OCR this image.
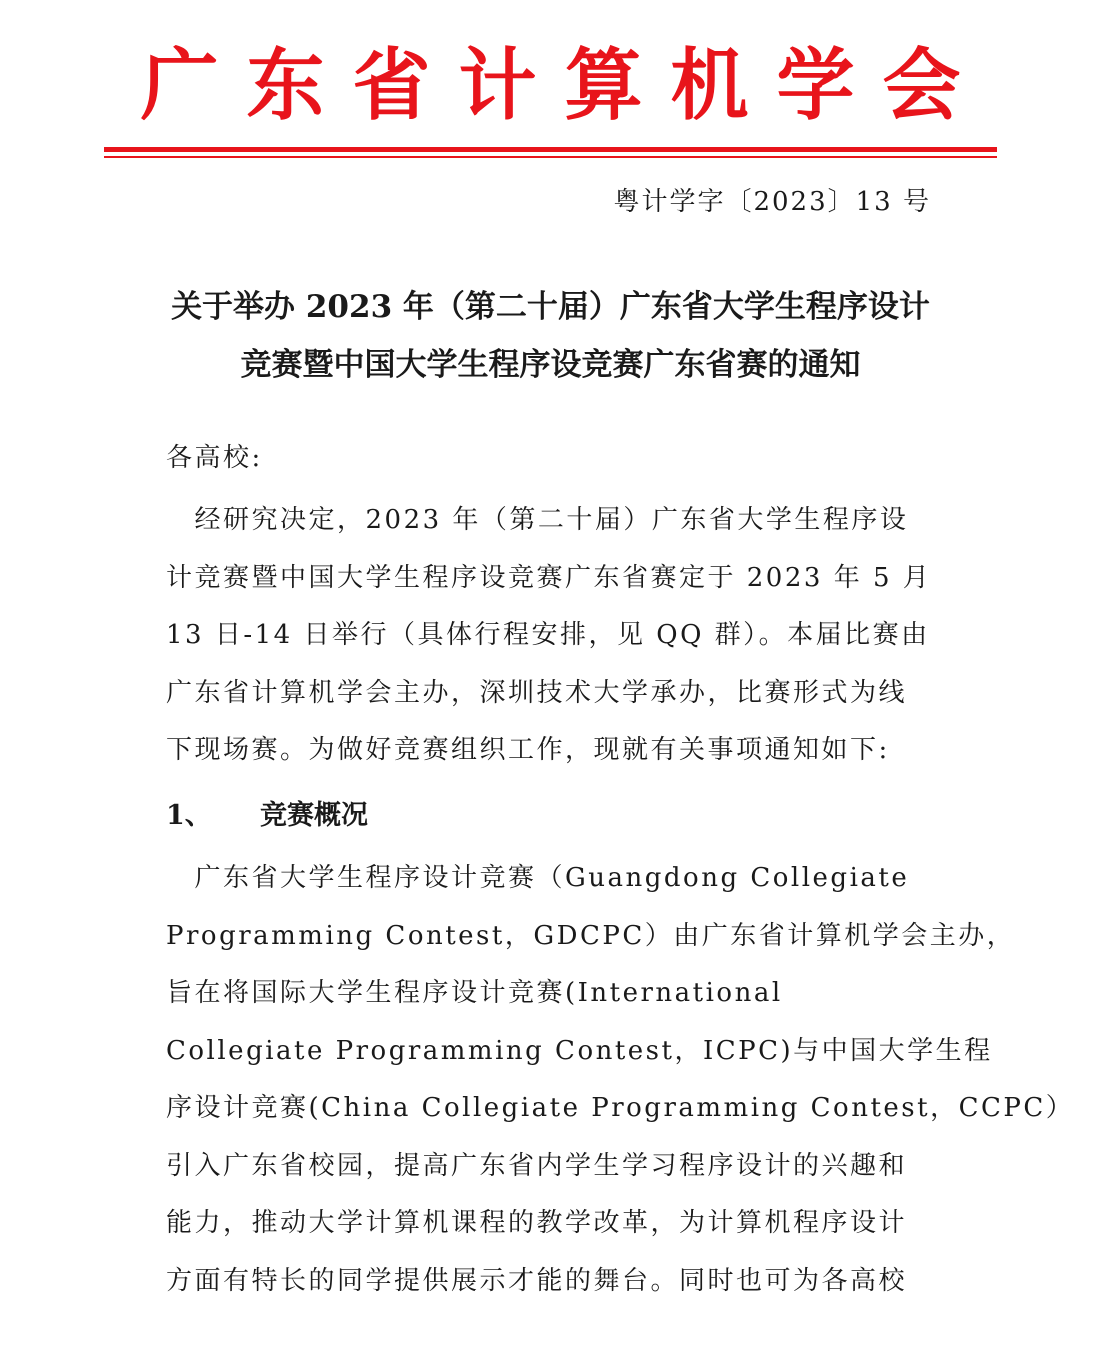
广东省计算机学会
粤计学字〔2023〕13 号
关于举办 2023 年（第二十届）广东省大学生程序设计
竞赛暨中国大学生程序设竞赛广东省赛的通知
各高校:
　经研究决定，2023 年（第二十届）广东省大学生程序设
计竞赛暨中国大学生程序设竞赛广东省赛定于 2023 年 5 月
13 日-14 日举行（具体行程安排，见 QQ 群）。本届比赛由
广东省计算机学会主办，深圳技术大学承办，比赛形式为线
下现场赛。为做好竞赛组织工作，现就有关事项通知如下:
1、 竞赛概况
　广东省大学生程序设计竞赛（Guangdong Collegiate
Programming Contest，GDCPC）由广东省计算机学会主办，
旨在将国际大学生程序设计竞赛(International
Collegiate Programming Contest，ICPC)与中国大学生程
序设计竞赛(China Collegiate Programming Contest，CCPC）
引入广东省校园，提高广东省内学生学习程序设计的兴趣和
能力，推动大学计算机课程的教学改革，为计算机程序设计
方面有特长的同学提供展示才能的舞台。同时也可为各高校
